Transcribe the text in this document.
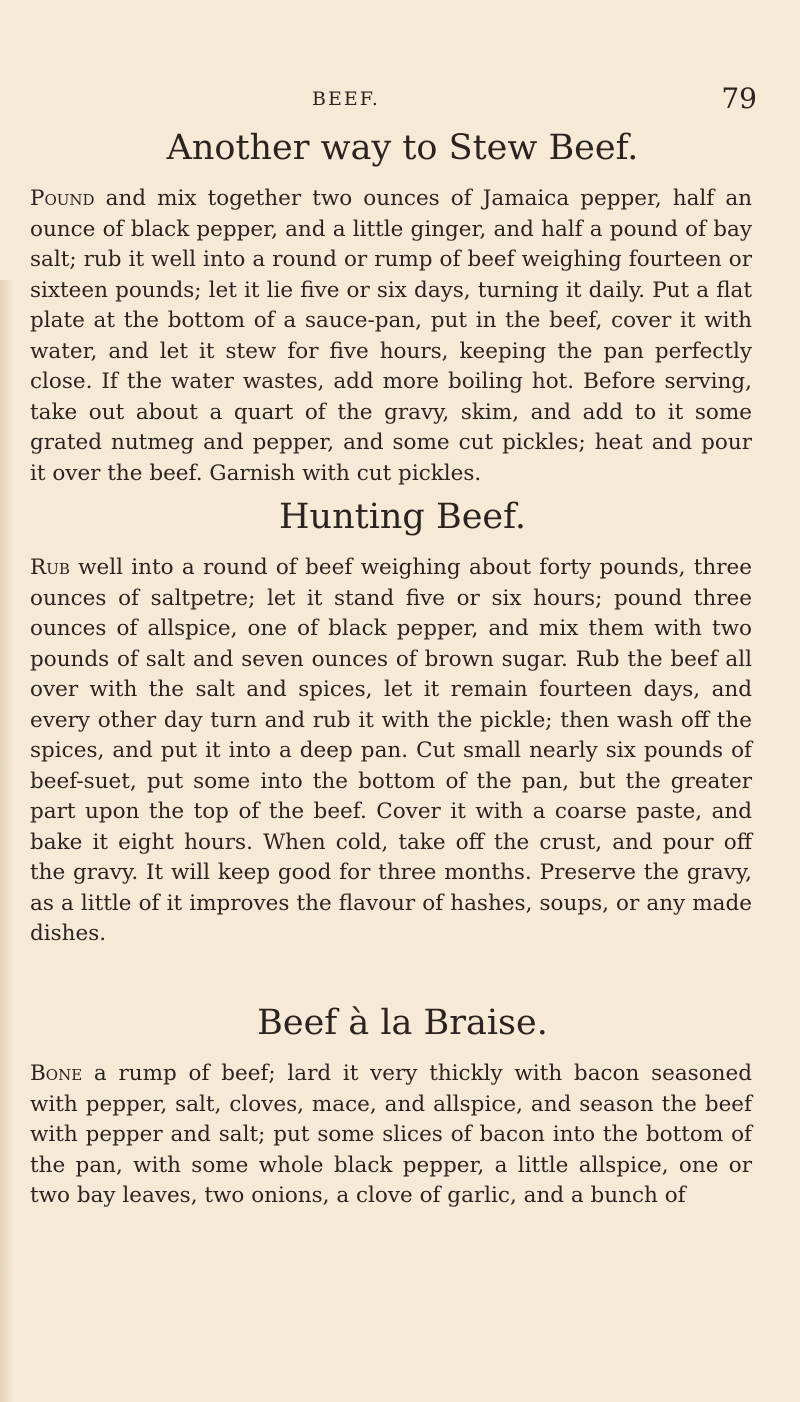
BEEF.	79
Another way to Stew Beef.

Pound and mix together two ounces of Jamaica pepper, half an ounce of black pepper, and a little ginger, and half a pound of bay salt; rub it well into a round or rump of beef weighing fourteen or sixteen pounds; let it lie five or six days, turning it daily. Put a flat plate at the bottom of a sauce-pan, put in the beef, cover it with water, and let it stew for five hours, keeping the pan perfectly close. If the water wastes, add more boiling hot. Before serving, take out about a quart of the gravy, skim, and add to it some grated nutmeg and pepper, and some cut pickles; heat and pour it over the beef. Garnish with cut pickles.

Hunting Beef.

Rub well into a round of beef weighing about forty pounds, three ounces of saltpetre; let it stand five or six hours; pound three ounces of allspice, one of black pepper, and mix them with two pounds of salt and seven ounces of brown sugar. Rub the beef all over with the salt and spices, let it remain fourteen days, and every other day turn and rub it with the pickle; then wash off the spices, and put it into a deep pan. Cut small nearly six pounds of beef-suet, put some into the bottom of the pan, but the greater part upon the top of the beef. Cover it with a coarse paste, and bake it eight hours. When cold, take off the crust, and pour off the gravy. It will keep good for three months. Preserve the gravy, as a little of it improves the flavour of hashes, soups, or any made dishes.

Beef à la Braise.

Bone a rump of beef; lard it very thickly with bacon seasoned with pepper, salt, cloves, mace, and allspice, and season the beef with pepper and salt; put some slices of bacon into the bottom of the pan, with some whole black pepper, a little allspice, one or two bay leaves, two onions, a clove of garlic, and a bunch of
